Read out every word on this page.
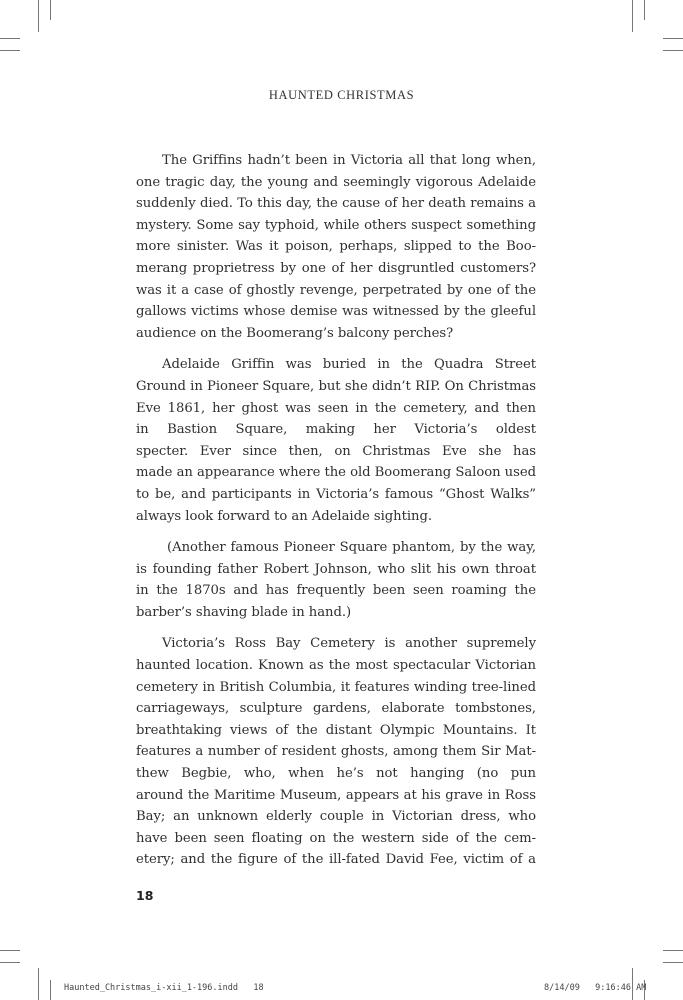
HAUNTED CHRISTMAS
The Griffins hadn’t been in Victoria all that long when,
one tragic day, the young and seemingly vigorous Adelaide
suddenly died. To this day, the cause of her death remains a
mystery. Some say typhoid, while others suspect something
more sinister. Was it poison, perhaps, slipped to the Boo-
merang proprietress by one of her disgruntled customers?
was it a case of ghostly revenge, perpetrated by one of the
gallows victims whose demise was witnessed by the gleeful
audience on the Boomerang’s balcony perches?
Adelaide Griffin was buried in the Quadra Street
Ground in Pioneer Square, but she didn’t RIP. On Christmas
Eve 1861, her ghost was seen in the cemetery, and then
in Bastion Square, making her Victoria’s oldest
specter. Ever since then, on Christmas Eve she has
made an appearance where the old Boomerang Saloon used
to be, and participants in Victoria’s famous “Ghost Walks”
always look forward to an Adelaide sighting.
(Another famous Pioneer Square phantom, by the way,
is founding father Robert Johnson, who slit his own throat
in the 1870s and has frequently been seen roaming the
barber’s shaving blade in hand.)
Victoria’s Ross Bay Cemetery is another supremely
haunted location. Known as the most spectacular Victorian
cemetery in British Columbia, it features winding tree-lined
carriageways, sculpture gardens, elaborate tombstones,
breathtaking views of the distant Olympic Mountains. It
features a number of resident ghosts, among them Sir Mat-
thew Begbie, who, when he’s not hanging (no pun
around the Maritime Museum, appears at his grave in Ross
Bay; an unknown elderly couple in Victorian dress, who
have been seen floating on the western side of the cem-
etery; and the figure of the ill-fated David Fee, victim of a
18
Haunted_Christmas_i-xii_1-196.indd   18	8/14/09   9:16:46 AM
